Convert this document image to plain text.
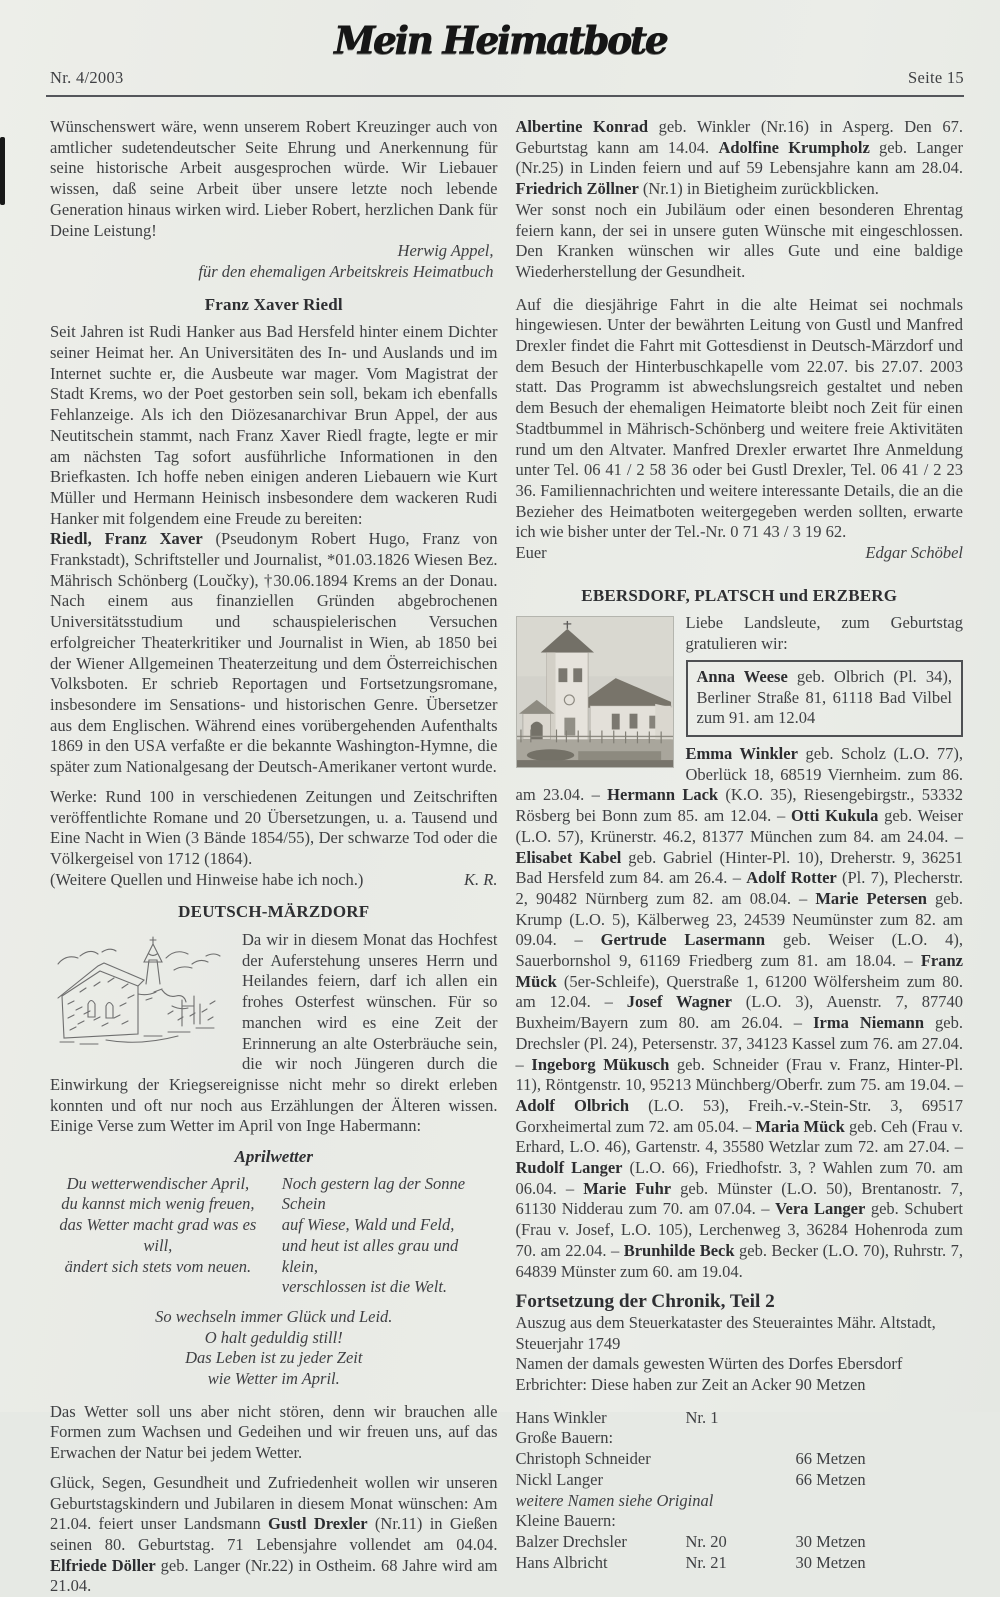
Nr. 4/2003
Mein Heimatbote
Seite 15

Wünschenswert wäre, wenn unserem Robert Kreuzinger auch von amtlicher sudetendeutscher Seite Ehrung und Anerkennung für seine historische Arbeit ausgesprochen würde. Wir Liebauer wissen, daß seine Arbeit über unsere letzte noch lebende Generation hinaus wirken wird. Lieber Robert, herzlichen Dank für Deine Leistung!

Herwig Appel,
für den ehemaligen Arbeitskreis Heimatbuch
Franz Xaver Riedl

Seit Jahren ist Rudi Hanker aus Bad Hersfeld hinter einem Dichter seiner Heimat her. An Universitäten des In- und Auslands und im Internet suchte er, die Ausbeute war mager. Vom Magistrat der Stadt Krems, wo der Poet gestorben sein soll, bekam ich ebenfalls Fehlanzeige. Als ich den Diözesanarchivar Brun Appel, der aus Neutitschein stammt, nach Franz Xaver Riedl fragte, legte er mir am nächsten Tag sofort ausführliche Informationen in den Briefkasten. Ich hoffe neben einigen anderen Liebauern wie Kurt Müller und Hermann Heinisch insbesondere dem wackeren Rudi Hanker mit folgendem eine Freude zu bereiten:

Riedl, Franz Xaver (Pseudonym Robert Hugo, Franz von Frankstadt), Schriftsteller und Journalist, *01.03.1826 Wiesen Bez. Mährisch Schönberg (Loučky), †30.06.1894 Krems an der Donau. Nach einem aus finanziellen Gründen abgebrochenen Universitätsstudium und schauspielerischen Versuchen erfolgreicher Theaterkritiker und Journalist in Wien, ab 1850 bei der Wiener Allgemeinen Theaterzeitung und dem Österreichischen Volksboten. Er schrieb Reportagen und Fortsetzungsromane, insbesondere im Sensations- und historischen Genre. Übersetzer aus dem Englischen. Während eines vorübergehenden Aufenthalts 1869 in den USA verfaßte er die bekannte Washington-Hymne, die später zum Nationalgesang der Deutsch-Amerikaner vertont wurde.

Werke: Rund 100 in verschiedenen Zeitungen und Zeitschriften veröffentlichte Romane und 20 Übersetzungen, u. a. Tausend und Eine Nacht in Wien (3 Bände 1854/55), Der schwarze Tod oder die Völkergeisel von 1712 (1864).

(Weitere Quellen und Hinweise habe ich noch.)	K. R.
DEUTSCH-MÄRZDORF

Da wir in diesem Monat das Hochfest der Auferstehung unseres Herrn und Heilandes feiern, darf ich allen ein frohes Osterfest wünschen. Für so manchen wird es eine Zeit der Erinnerung an alte Osterbräuche sein, die wir noch Jüngeren durch die Einwirkung der Kriegsereignisse nicht mehr so direkt erleben konnten und oft nur noch aus Erzählungen der Älteren wissen. Einige Verse zum Wetter im April von Inge Habermann:

Aprilwetter
Du wetterwendischer April,
du kannst mich wenig freuen,
das Wetter macht grad was es will,
ändert sich stets vom neuen.
Noch gestern lag der Sonne Schein
auf Wiese, Wald und Feld,
und heut ist alles grau und klein,
verschlossen ist die Welt.
So wechseln immer Glück und Leid.
O halt geduldig still!
Das Leben ist zu jeder Zeit
wie Wetter im April.

Das Wetter soll uns aber nicht stören, denn wir brauchen alle Formen zum Wachsen und Gedeihen und wir freuen uns, auf das Erwachen der Natur bei jedem Wetter.

Glück, Segen, Gesundheit und Zufriedenheit wollen wir unseren Geburtstagskindern und Jubilaren in diesem Monat wünschen: Am 21.04. feiert unser Landsmann Gustl Drexler (Nr.11) in Gießen seinen 80. Geburtstag. 71 Lebensjahre vollendet am 04.04. Elfriede Döller geb. Langer (Nr.22) in Ostheim. 68 Jahre wird am 21.04.

Albertine Konrad geb. Winkler (Nr.16) in Asperg. Den 67. Geburtstag kann am 14.04. Adolfine Krumpholz geb. Langer (Nr.25) in Linden feiern und auf 59 Lebensjahre kann am 28.04. Friedrich Zöllner (Nr.1) in Bietigheim zurückblicken.

Wer sonst noch ein Jubiläum oder einen besonderen Ehrentag feiern kann, der sei in unsere guten Wünsche mit eingeschlossen. Den Kranken wünschen wir alles Gute und eine baldige Wiederherstellung der Gesundheit.

Auf die diesjährige Fahrt in die alte Heimat sei nochmals hingewiesen. Unter der bewährten Leitung von Gustl und Manfred Drexler findet die Fahrt mit Gottesdienst in Deutsch-Märzdorf und dem Besuch der Hinterbuschkapelle vom 22.07. bis 27.07. 2003 statt. Das Programm ist abwechslungsreich gestaltet und neben dem Besuch der ehemaligen Heimatorte bleibt noch Zeit für einen Stadtbummel in Mährisch-Schönberg und weitere freie Aktivitäten rund um den Altvater. Manfred Drexler erwartet Ihre Anmeldung unter Tel. 06 41 / 2 58 36 oder bei Gustl Drexler, Tel. 06 41 / 2 23 36. Familiennachrichten und weitere interessante Details, die an die Bezieher des Heimatboten weitergegeben werden sollten, erwarte ich wie bisher unter der Tel.-Nr. 0 71 43 / 3 19 62.

Euer	Edgar Schöbel
EBERSDORF, PLATSCH und ERZBERG

Liebe Landsleute, zum Geburtstag gratulieren wir:

Anna Weese geb. Olbrich (Pl. 34), Berliner Straße 81, 61118 Bad Vilbel zum 91. am 12.04

Emma Winkler geb. Scholz (L.O. 77), Oberlück 18, 68519 Viernheim. zum 86. am 23.04. – Hermann Lack (K.O. 35), Riesengebirgstr., 53332 Rösberg bei Bonn zum 85. am 12.04. – Otti Kukula geb. Weiser (L.O. 57), Krünerstr. 46.2, 81377 München zum 84. am 24.04. – Elisabet Kabel geb. Gabriel (Hinter-Pl. 10), Dreherstr. 9, 36251 Bad Hersfeld zum 84. am 26.4. – Adolf Rotter (Pl. 7), Plecherstr. 2, 90482 Nürnberg zum 82. am 08.04. – Marie Petersen geb. Krump (L.O. 5), Kälberweg 23, 24539 Neumünster zum 82. am 09.04. – Gertrude Lasermann geb. Weiser (L.O. 4), Sauerbornshol 9, 61169 Friedberg zum 81. am 18.04. – Franz Mück (5er-Schleife), Querstraße 1, 61200 Wölfersheim zum 80. am 12.04. – Josef Wagner (L.O. 3), Auenstr. 7, 87740 Buxheim/Bayern zum 80. am 26.04. – Irma Niemann geb. Drechsler (Pl. 24), Petersenstr. 37, 34123 Kassel zum 76. am 27.04. – Ingeborg Mükusch geb. Schneider (Frau v. Franz, Hinter-Pl. 11), Röntgenstr. 10, 95213 Münchberg/Oberfr. zum 75. am 19.04. – Adolf Olbrich (L.O. 53), Freih.-v.-Stein-Str. 3, 69517 Gorxheimertal zum 72. am 05.04. – Maria Mück geb. Ceh (Frau v. Erhard, L.O. 46), Gartenstr. 4, 35580 Wetzlar zum 72. am 27.04. – Rudolf Langer (L.O. 66), Friedhofstr. 3, ? Wahlen zum 70. am 06.04. – Marie Fuhr geb. Münster (L.O. 50), Brentanostr. 7, 61130 Nidderau zum 70. am 07.04. – Vera Langer geb. Schubert (Frau v. Josef, L.O. 105), Lerchenweg 3, 36284 Hohenroda zum 70. am 22.04. – Brunhilde Beck geb. Becker (L.O. 70), Ruhrstr. 7, 64839 Münster zum 60. am 19.04.

Fortsetzung der Chronik, Teil 2
Auszug aus dem Steuerkataster des Steueraintes Mähr. Altstadt, Steuerjahr 1749
Namen der damals gewesten Würten des Dorfes Ebersdorf
Erbrichter: Diese haben zur Zeit an Acker 90 Metzen
Hans Winkler	Nr. 1
Große Bauern:
Christoph Schneider	66 Metzen
Nickl Langer	66 Metzen
weitere Namen siehe Original
Kleine Bauern:
Balzer Drechsler	Nr. 20	30 Metzen
Hans Albricht	Nr. 21	30 Metzen
